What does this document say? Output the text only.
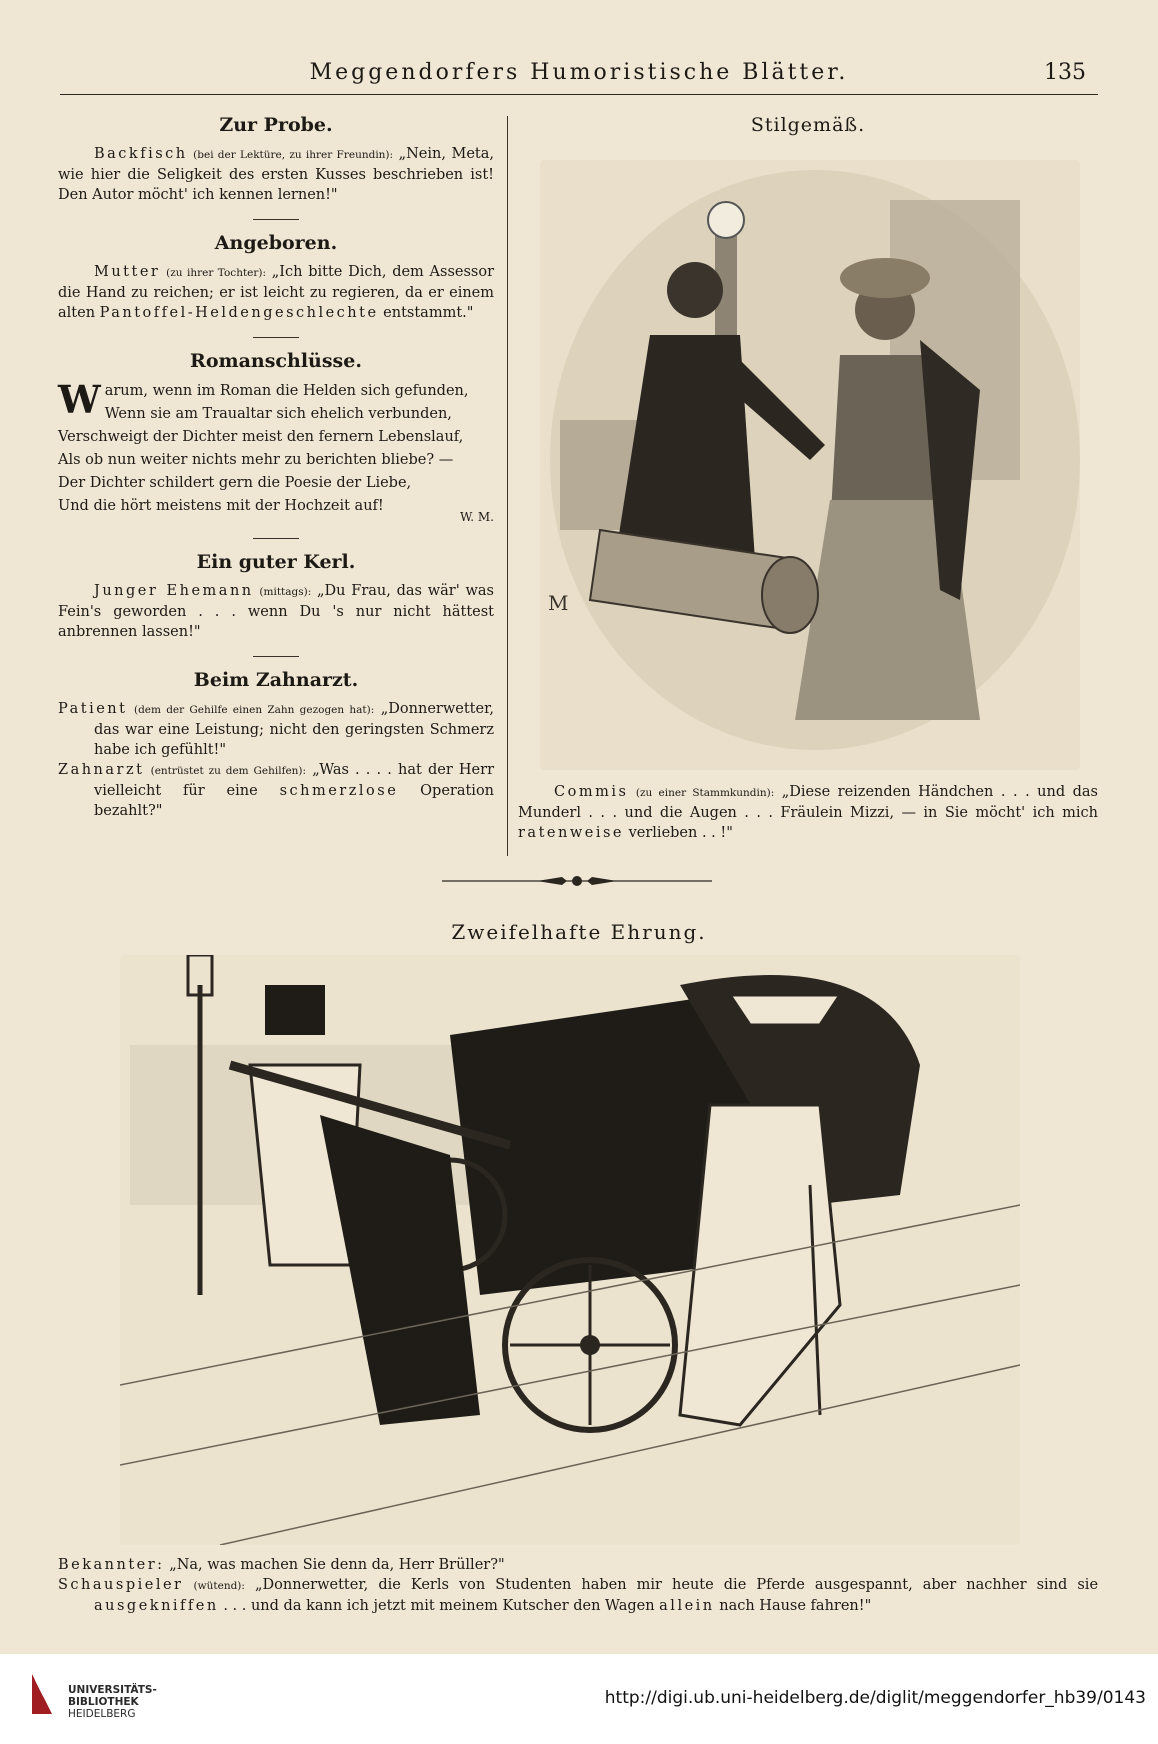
Meggendorfers Humoristische Blätter.	135
Zur Probe.

Backfisch (bei der Lektüre, zu ihrer Freundin): „Nein, Meta, wie hier die Seligkeit des ersten Kusses beschrieben ist! Den Autor möcht' ich kennen lernen!"

Angeboren.

Mutter (zu ihrer Tochter): „Ich bitte Dich, dem Assessor die Hand zu reichen; er ist leicht zu regieren, da er einem alten Pantoffel-Heldengeschlechte entstammt."

Romanschlüsse.
W arum, wenn im Roman die Helden sich gefunden,
Wenn sie am Traualtar sich ehelich verbunden,
Verschweigt der Dichter meist den fernern Lebenslauf,
Als ob nun weiter nichts mehr zu berichten bliebe? —
Der Dichter schildert gern die Poesie der Liebe,
Und die hört meistens mit der Hochzeit auf!
W. M.
Ein guter Kerl.

Junger Ehemann (mittags): „Du Frau, das wär' was Fein's geworden . . . wenn Du 's nur nicht hättest anbrennen lassen!"

Beim Zahnarzt.

Patient (dem der Gehilfe einen Zahn gezogen hat): „Donnerwetter, das war eine Leistung; nicht den geringsten Schmerz habe ich gefühlt!"

Zahnarzt (entrüstet zu dem Gehilfen): „Was . . . . hat der Herr vielleicht für eine schmerzlose Operation bezahlt?"

Stilgemäß.
M

Commis (zu einer Stammkundin): „Diese reizenden Händchen . . . und das Munderl . . . und die Augen . . . Fräulein Mizzi, — in Sie möcht' ich mich ratenweise verlieben . . !"

Zweifelhafte Ehrung.

Bekannter: „Na, was machen Sie denn da, Herr Brüller?"

Schauspieler (wütend): „Donnerwetter, die Kerls von Studenten haben mir heute die Pferde ausgespannt, aber nachher sind sie ausgekniffen . . . und da kann ich jetzt mit meinem Kutscher den Wagen allein nach Hause fahren!"

UNIVERSITÄTS-
BIBLIOTHEK
HEIDELBERG
http://digi.ub.uni-heidelberg.de/diglit/meggendorfer_hb39/0143
